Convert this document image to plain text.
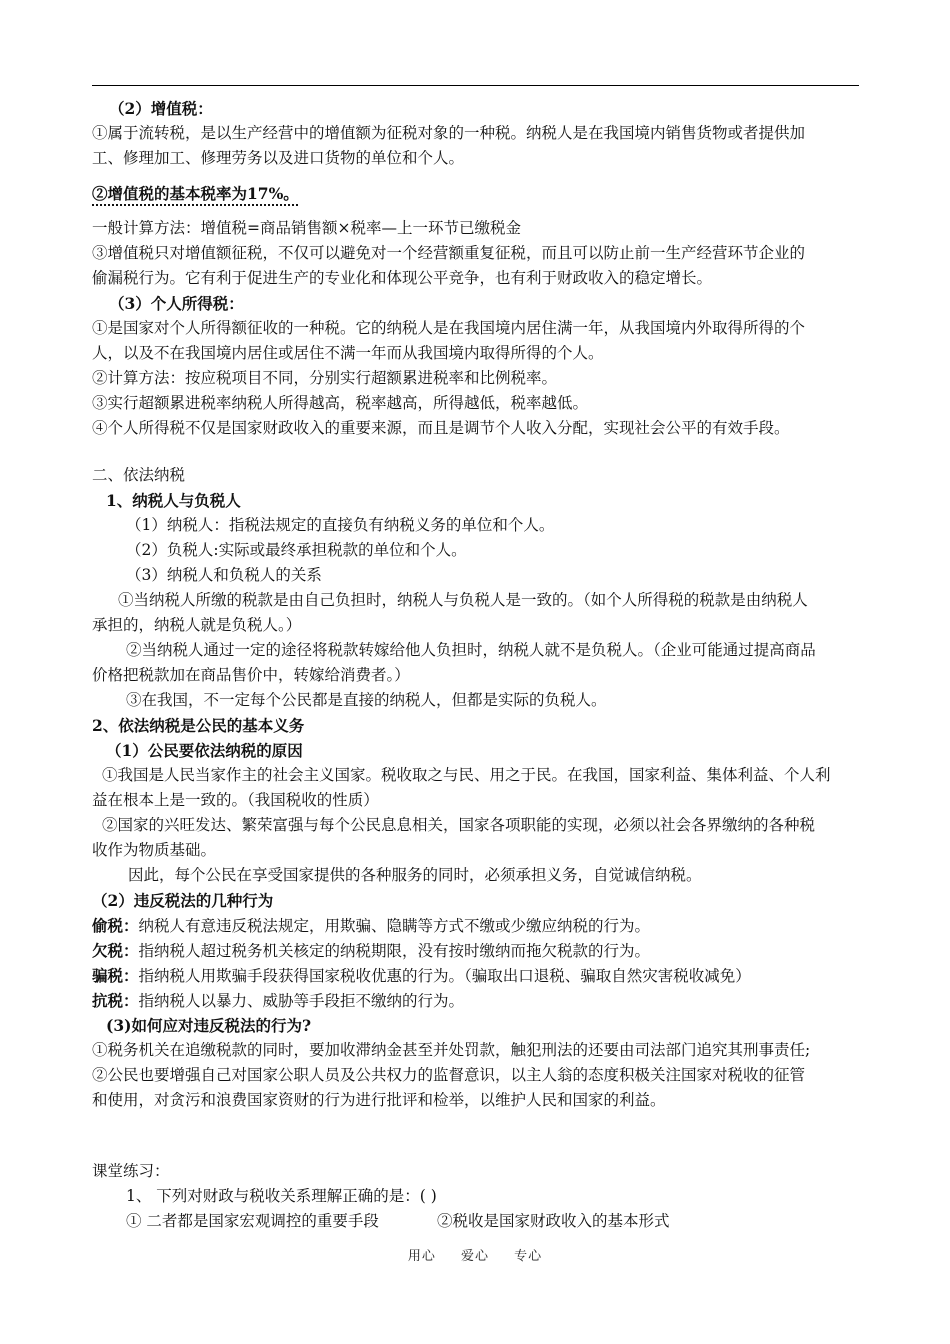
（2）增值税：
①属于流转税，是以生产经营中的增值额为征税对象的一种税。纳税人是在我国境内销售货物或者提供加
工、修理加工、修理劳务以及进口货物的单位和个人。
②增值税的基本税率为17%。
一般计算方法：增值税=商品销售额×税率—上一环节已缴税金
③增值税只对增值额征税，不仅可以避免对一个经营额重复征税，而且可以防止前一生产经营环节企业的
偷漏税行为。它有利于促进生产的专业化和体现公平竞争，也有利于财政收入的稳定增长。
（3）个人所得税：
①是国家对个人所得额征收的一种税。它的纳税人是在我国境内居住满一年，从我国境内外取得所得的个
人，以及不在我国境内居住或居住不满一年而从我国境内取得所得的个人。
②计算方法：按应税项目不同，分别实行超额累进税率和比例税率。
③实行超额累进税率纳税人所得越高，税率越高，所得越低，税率越低。
④个人所得税不仅是国家财政收入的重要来源，而且是调节个人收入分配，实现社会公平的有效手段。
二、依法纳税
1、纳税人与负税人
（1）纳税人：指税法规定的直接负有纳税义务的单位和个人。
（2）负税人:实际或最终承担税款的单位和个人。
（3）纳税人和负税人的关系
①当纳税人所缴的税款是由自己负担时，纳税人与负税人是一致的。（如个人所得税的税款是由纳税人
承担的，纳税人就是负税人。）
②当纳税人通过一定的途径将税款转嫁给他人负担时，纳税人就不是负税人。（企业可能通过提高商品
价格把税款加在商品售价中，转嫁给消费者。）
③在我国，不一定每个公民都是直接的纳税人，但都是实际的负税人。
2、依法纳税是公民的基本义务
（1）公民要依法纳税的原因
①我国是人民当家作主的社会主义国家。税收取之与民、用之于民。在我国，国家利益、集体利益、个人利
益在根本上是一致的。（我国税收的性质）
②国家的兴旺发达、繁荣富强与每个公民息息相关，国家各项职能的实现，必须以社会各界缴纳的各种税
收作为物质基础。
因此，每个公民在享受国家提供的各种服务的同时，必须承担义务，自觉诚信纳税。
（2）违反税法的几种行为
偷税：纳税人有意违反税法规定，用欺骗、隐瞒等方式不缴或少缴应纳税的行为。
欠税：指纳税人超过税务机关核定的纳税期限，没有按时缴纳而拖欠税款的行为。
骗税：指纳税人用欺骗手段获得国家税收优惠的行为。（骗取出口退税、骗取自然灾害税收减免）
抗税：指纳税人以暴力、威胁等手段拒不缴纳的行为。
(3)如何应对违反税法的行为?
①税务机关在追缴税款的同时，要加收滞纳金甚至并处罚款，触犯刑法的还要由司法部门追究其刑事责任;
②公民也要增强自己对国家公职人员及公共权力的监督意识，以主人翁的态度积极关注国家对税收的征管
和使用，对贪污和浪费国家资财的行为进行批评和检举，以维护人民和国家的利益。
课堂练习：
1、 下列对财政与税收关系理解正确的是：( )
① 二者都是国家宏观调控的重要手段	②税收是国家财政收入的基本形式
用心 爱心 专心
